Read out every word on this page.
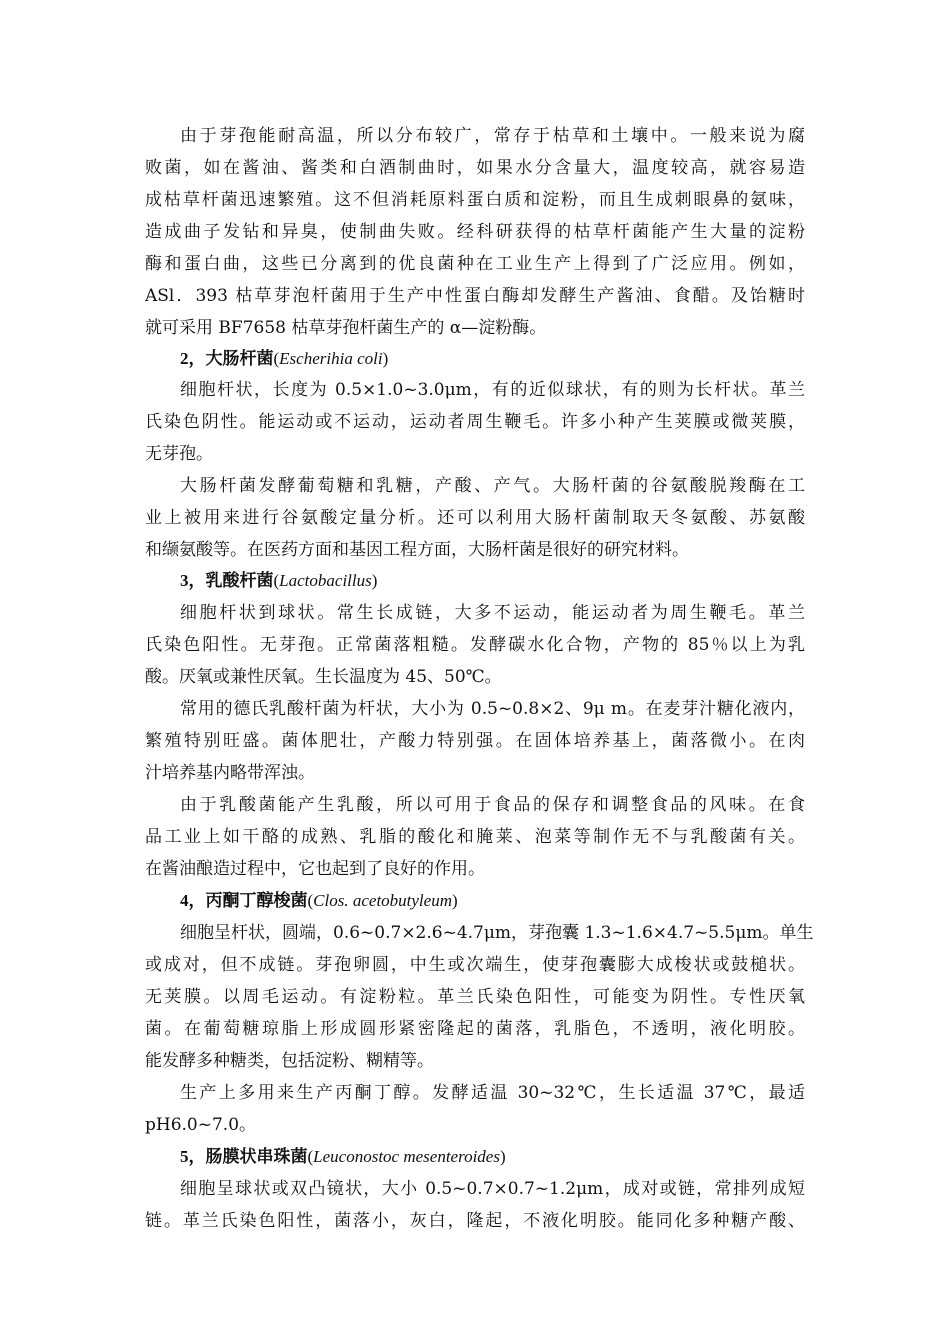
由于芽孢能耐高温，所以分布较广，常存于枯草和土壤中。一般来说为腐
败菌，如在酱油、酱类和白酒制曲时，如果水分含量大，温度较高，就容易造
成枯草杆菌迅速繁殖。这不但消耗原料蛋白质和淀粉，而且生成刺眼鼻的氨味，
造成曲子发钻和异臭，使制曲失败。经科研获得的枯草杆菌能产生大量的淀粉
酶和蛋白曲，这些已分离到的优良菌种在工业生产上得到了广泛应用。例如，
ASl．393 枯草芽泡杆菌用于生产中性蛋白酶却发酵生产酱油、食醋。及饴糖时
就可采用 BF7658 枯草芽孢杆菌生产的 α—淀粉酶。
2，大肠杆菌(Escherihia coli)
细胞杆状，长度为 0.5×1.0~3.0μm，有的近似球状，有的则为长杆状。革兰
氏染色阴性。能运动或不运动，运动者周生鞭毛。许多小种产生荚膜或微荚膜，
无芽孢。
大肠杆菌发酵葡萄糖和乳糖，产酸、产气。大肠杆菌的谷氨酸脱羧酶在工
业上被用来进行谷氨酸定量分析。还可以利用大肠杆菌制取天冬氨酸、苏氨酸
和缬氨酸等。在医药方面和基因工程方面，大肠杆菌是很好的研究材料。
3，乳酸杆菌(Lactobacillus)
细胞杆状到球状。常生长成链，大多不运动，能运动者为周生鞭毛。革兰
氏染色阳性。无芽孢。正常菌落粗糙。发酵碳水化合物，产物的 85％以上为乳
酸。厌氧或兼性厌氧。生长温度为 45、50℃。
常用的德氏乳酸杆菌为杆状，大小为 0.5~0.8×2、9μ m。在麦芽汁糖化液内，
繁殖特别旺盛。菌体肥壮，产酸力特别强。在固体培养基上，菌落微小。在肉
汁培养基内略带浑浊。
由于乳酸菌能产生乳酸，所以可用于食品的保存和调整食品的风味。在食
品工业上如干酪的成熟、乳脂的酸化和腌莱、泡菜等制作无不与乳酸菌有关。
在酱油酿造过程中，它也起到了良好的作用。
4，丙酮丁醇梭菌(Clos. acetobutyleum)
细胞呈杆状，圆端，0.6~0.7×2.6~4.7μm，芽孢囊 1.3~1.6×4.7~5.5μm。单生
或成对，但不成链。芽孢卵圆，中生或次端生，使芽孢囊膨大成梭状或鼓槌状。
无荚膜。以周毛运动。有淀粉粒。革兰氏染色阳性，可能变为阴性。专性厌氧
菌。在葡萄糖琼脂上形成圆形紧密隆起的菌落，乳脂色，不透明，液化明胶。
能发酵多种糖类，包括淀粉、糊精等。
生产上多用来生产丙酮丁醇。发酵适温 30~32℃，生长适温 37℃，最适
pH6.0~7.0。
5，肠膜状串珠菌(Leuconostoc mesenteroides)
细胞呈球状或双凸镜状，大小 0.5~0.7×0.7~1.2μm，成对或链，常排列成短
链。革兰氏染色阳性，菌落小，灰白，隆起，不液化明胶。能同化多种糖产酸、
